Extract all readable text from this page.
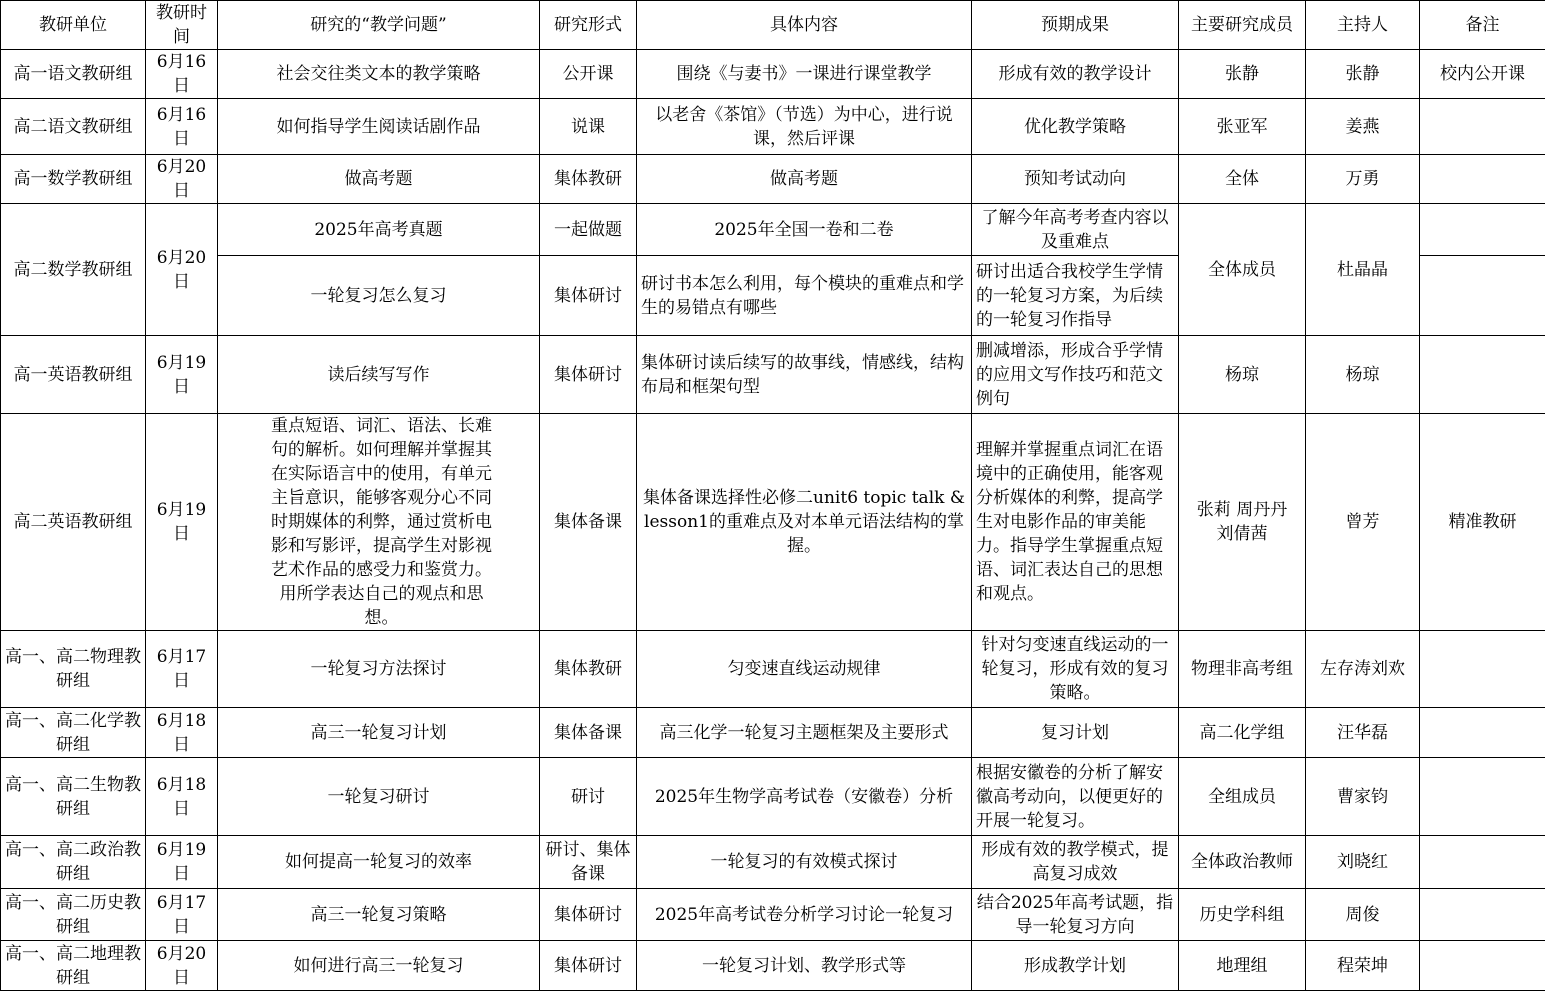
教研单位	教研时间	研究的“教学问题”	研究形式	具体内容	预期成果	主要研究成员	主持人	备注
高一语文教研组	6月16日	社会交往类文本的教学策略	公开课	围绕《与妻书》一课进行课堂教学	形成有效的教学设计	张静	张静	校内公开课
高二语文教研组	6月16日	如何指导学生阅读话剧作品	说课	以老舍《茶馆》（节选）为中心，进行说课，然后评课	优化教学策略	张亚军	姜燕	
高一数学教研组	6月20日	做高考题	集体教研	做高考题	预知考试动向	全体	万勇	
高二数学教研组	6月20日	2025年高考真题	一起做题	2025年全国一卷和二卷	了解今年高考考查内容以及重难点	全体成员	杜晶晶	
		一轮复习怎么复习	集体研讨	研讨书本怎么利用，每个模块的重难点和学生的易错点有哪些	研讨出适合我校学生学情的一轮复习方案，为后续的一轮复习作指导			
高一英语教研组	6月19日	读后续写写作	集体研讨	集体研讨读后续写的故事线，情感线，结构布局和框架句型	删减增添，形成合乎学情的应用文写作技巧和范文例句	杨琼	杨琼	
高二英语教研组	6月19日	重点短语、词汇、语法、长难句的解析。如何理解并掌握其在实际语言中的使用，有单元主旨意识，能够客观分心不同时期媒体的利弊，通过赏析电影和写影评，提高学生对影视艺术作品的感受力和鉴赏力。用所学表达自己的观点和思想。	集体备课	集体备课选择性必修二unit6 topic talk &lesson1的重难点及对本单元语法结构的掌握。	理解并掌握重点词汇在语境中的正确使用，能客观分析媒体的利弊，提高学生对电影作品的审美能力。指导学生掌握重点短语、词汇表达自己的思想和观点。	张莉 周丹丹 刘倩茜	曾芳	精准教研
高一、高二物理教研组	6月17日	一轮复习方法探讨	集体教研	匀变速直线运动规律	针对匀变速直线运动的一轮复习，形成有效的复习策略。	物理非高考组	左存涛刘欢	
高一、高二化学教研组	6月18日	高三一轮复习计划	集体备课	高三化学一轮复习主题框架及主要形式	复习计划	高二化学组	汪华磊	
高一、高二生物教研组	6月18日	一轮复习研讨	研讨	2025年生物学高考试卷（安徽卷）分析	根据安徽卷的分析了解安徽高考动向，以便更好的开展一轮复习。	全组成员	曹家钧	
高一、高二政治教研组	6月19日	如何提高一轮复习的效率	研讨、集体备课	一轮复习的有效模式探讨	形成有效的教学模式，提高复习成效	全体政治教师	刘晓红	
高一、高二历史教研组	6月17日	高三一轮复习策略	集体研讨	2025年高考试卷分析学习讨论一轮复习	结合2025年高考试题，指导一轮复习方向	历史学科组	周俊	
高一、高二地理教研组	6月20日	如何进行高三一轮复习	集体研讨	一轮复习计划、教学形式等	形成教学计划	地理组	程荣坤	
